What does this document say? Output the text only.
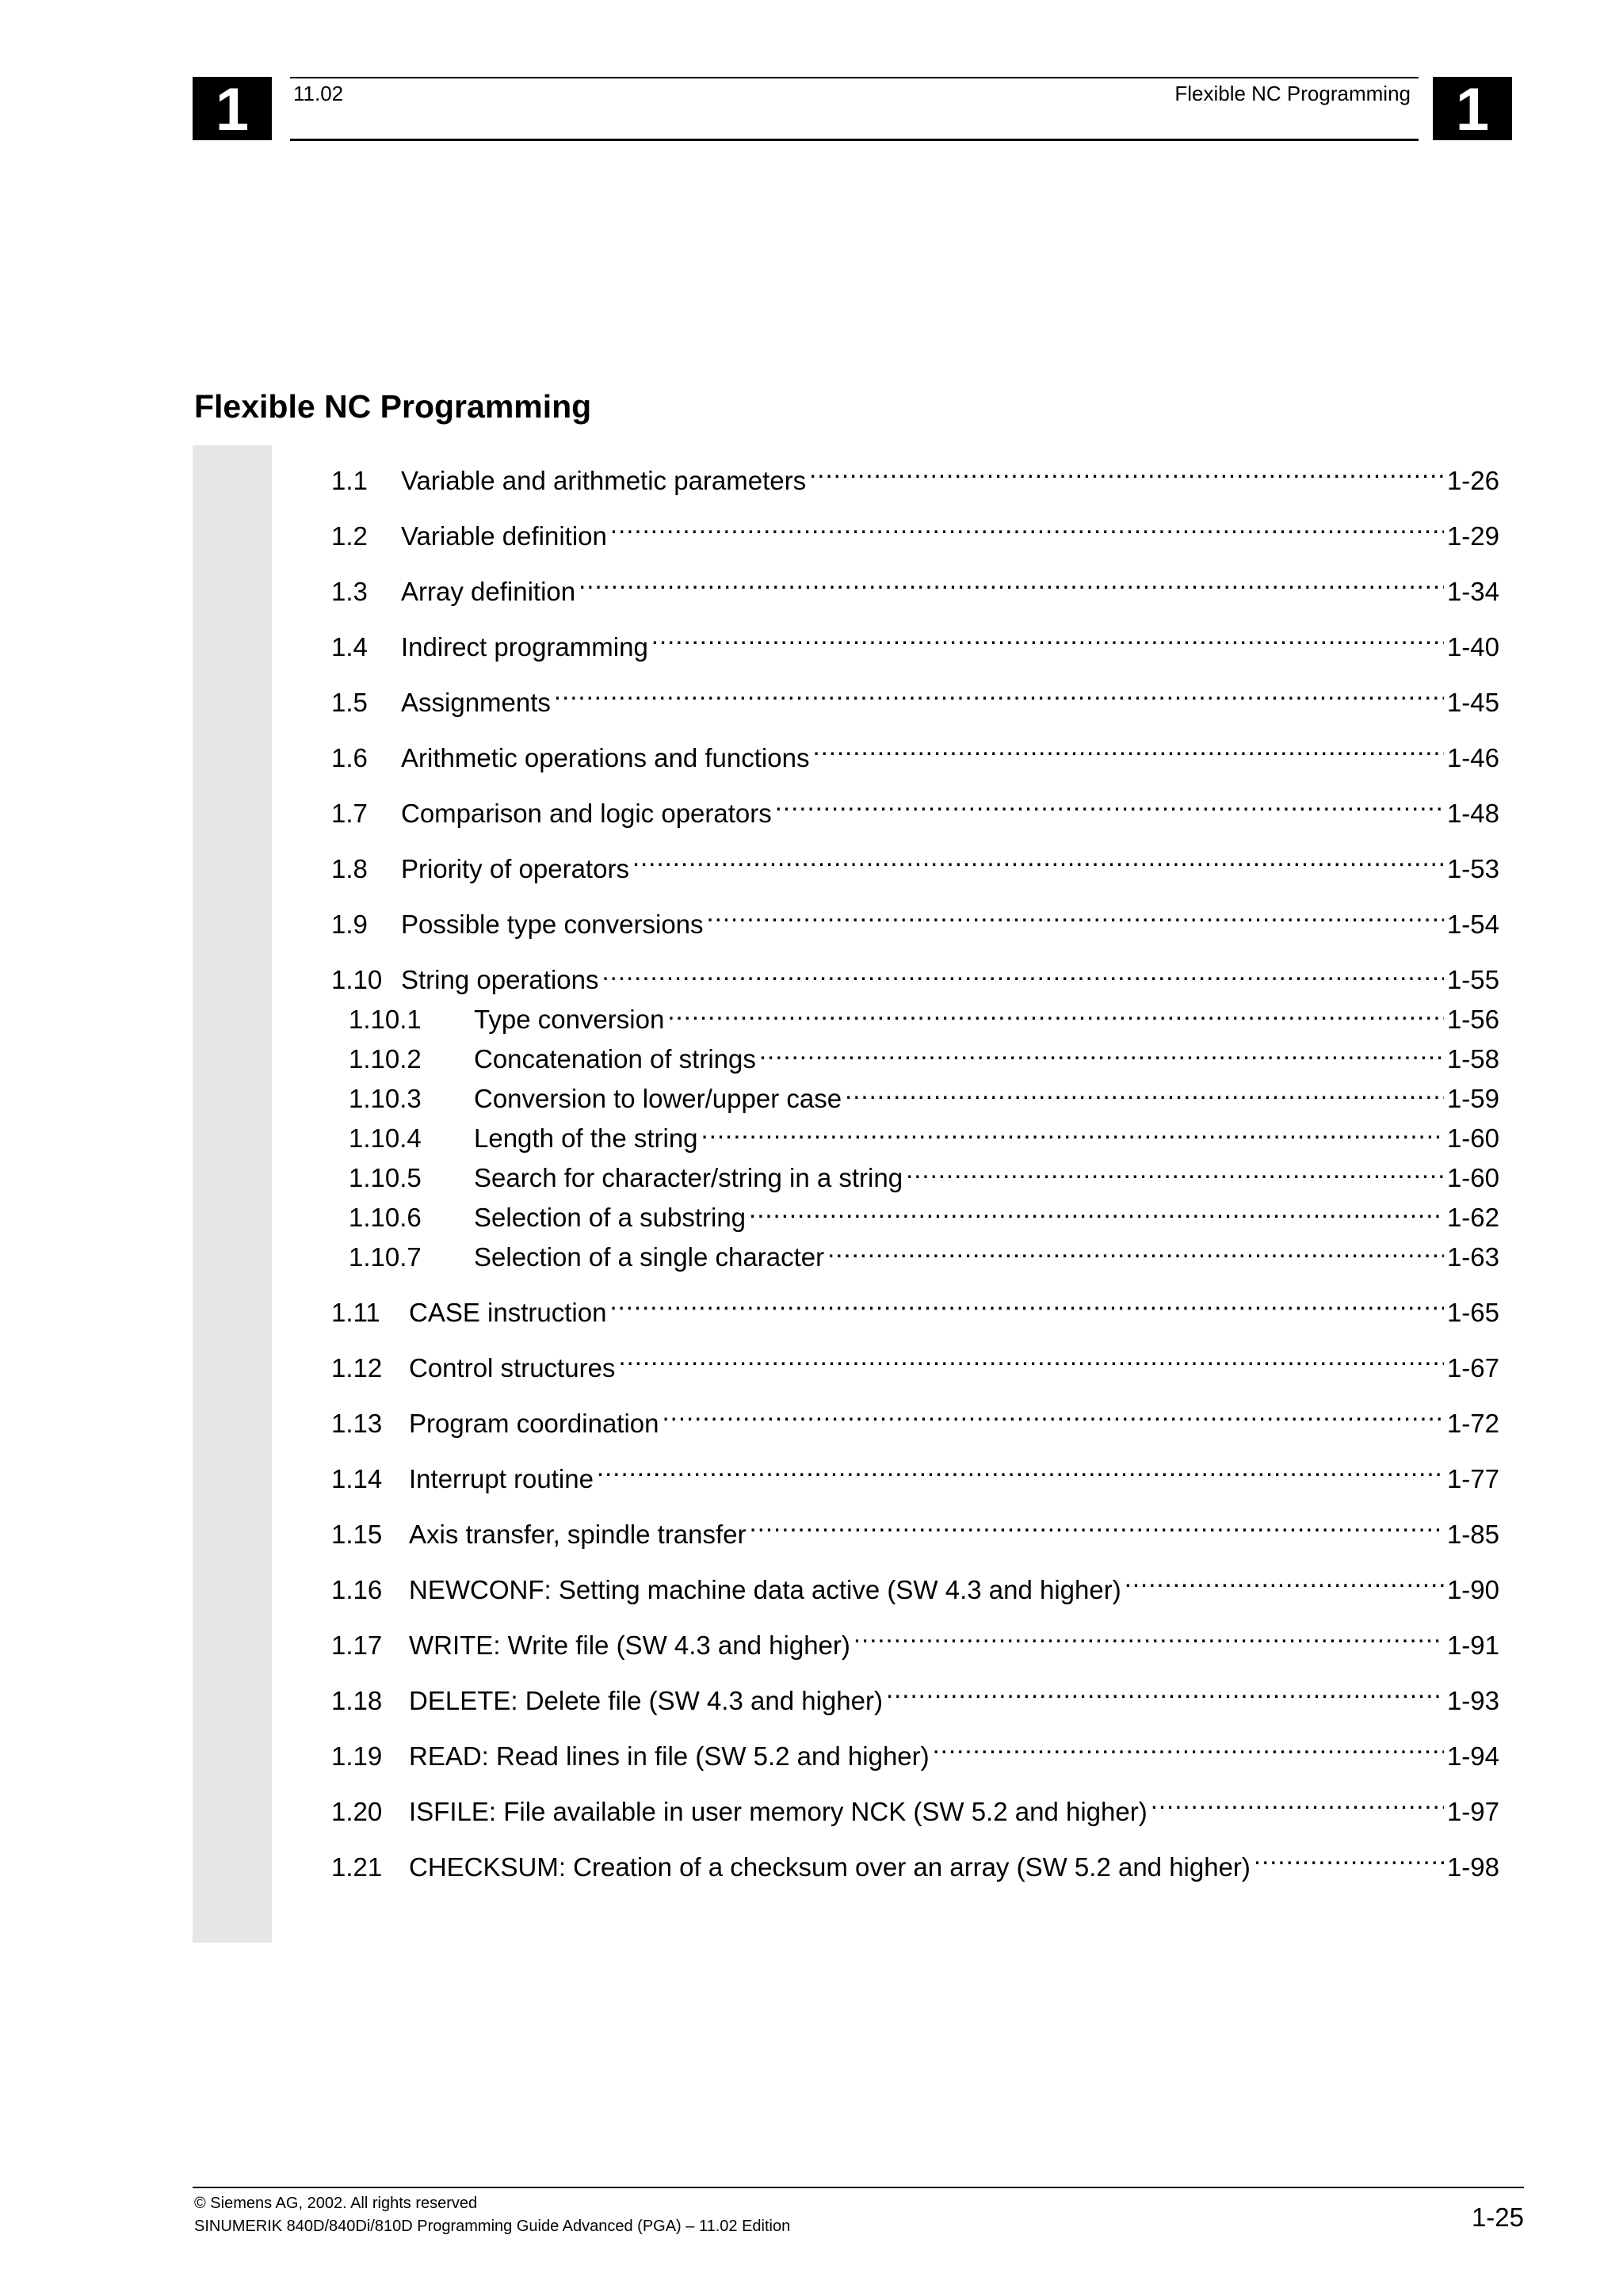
1	11.02	Flexible NC Programming 1
Flexible NC Programming
1.1	Variable and arithmetic parameters .....	1-26
1.2	Variable definition .....	1-29
1.3	Array definition .....	1-34
1.4	Indirect programming .....	1-40
1.5	Assignments .....	1-45
1.6	Arithmetic operations and functions .....	1-46
1.7	Comparison and logic operators .....	1-48
1.8	Priority of operators .....	1-53
1.9	Possible type conversions .....	1-54
1.10 String operations .....	1-55
1.10.1	Type conversion .....	1-56
1.10.2	Concatenation of strings .....	1-58
1.10.3	Conversion to lower/upper case .....	1-59
1.10.4	Length of the string .....	1-60
1.10.5	Search for character/string in a string .....	1-60
1.10.6	Selection of a substring .....	1-62
1.10.7	Selection of a single character .....	1-63
1.11	CASE instruction .....	1-65
1.12	Control structures .....	1-67
1.13	Program coordination .....	1-72
1.14	Interrupt routine .....	1-77
1.15	Axis transfer, spindle transfer .....	1-85
1.16	NEWCONF: Setting machine data active (SW 4.3 and higher) .....	1-90
1.17	WRITE: Write file (SW 4.3 and higher) .....	1-91
1.18	DELETE: Delete file (SW 4.3 and higher) .....	1-93
1.19	READ: Read lines in file (SW 5.2 and higher) .....	1-94
1.20	ISFILE: File available in user memory NCK (SW 5.2 and higher) .....	1-97
1.21	CHECKSUM: Creation of a checksum over an array (SW 5.2 and higher) .....	1-98
© Siemens AG, 2002. All rights reserved
SINUMERIK 840D/840Di/810D Programming Guide Advanced (PGA) – 11.02 Edition	1-25
